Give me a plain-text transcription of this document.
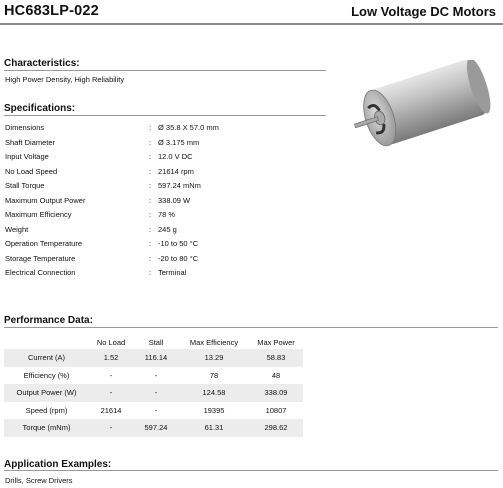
HC683LP-022	Low Voltage DC Motors
Characteristics:
High Power Density, High Reliability
Specifications:
Dimensions	: Ø 35.8 X 57.0 mm
Shaft Diameter	: Ø 3.175 mm
Input Voltage	: 12.0 V DC
No Load Speed	: 21614 rpm
Stall Torque	: 597.24 mNm
Maximum Output Power	: 338.09 W
Maximum Efficiency	: 78 %
Weight	: 245 g
Operation Temperature	: -10 to 50 °C
Storage Temperature	: -20 to 80 °C
Electrical Connection	: Terminal
Performance Data:
	No Load	Stall	Max Efficiency	Max Power
Current (A)	1.52	116.14	13.29	58.83
Efficiency (%)	-	-	78	48
Output Power (W)	-	-	124.58	338.09
Speed (rpm)	21614	-	19395	10807
Torque (mNm)	-	597.24	61.31	298.62
Application Examples:
Drills, Screw Drivers
